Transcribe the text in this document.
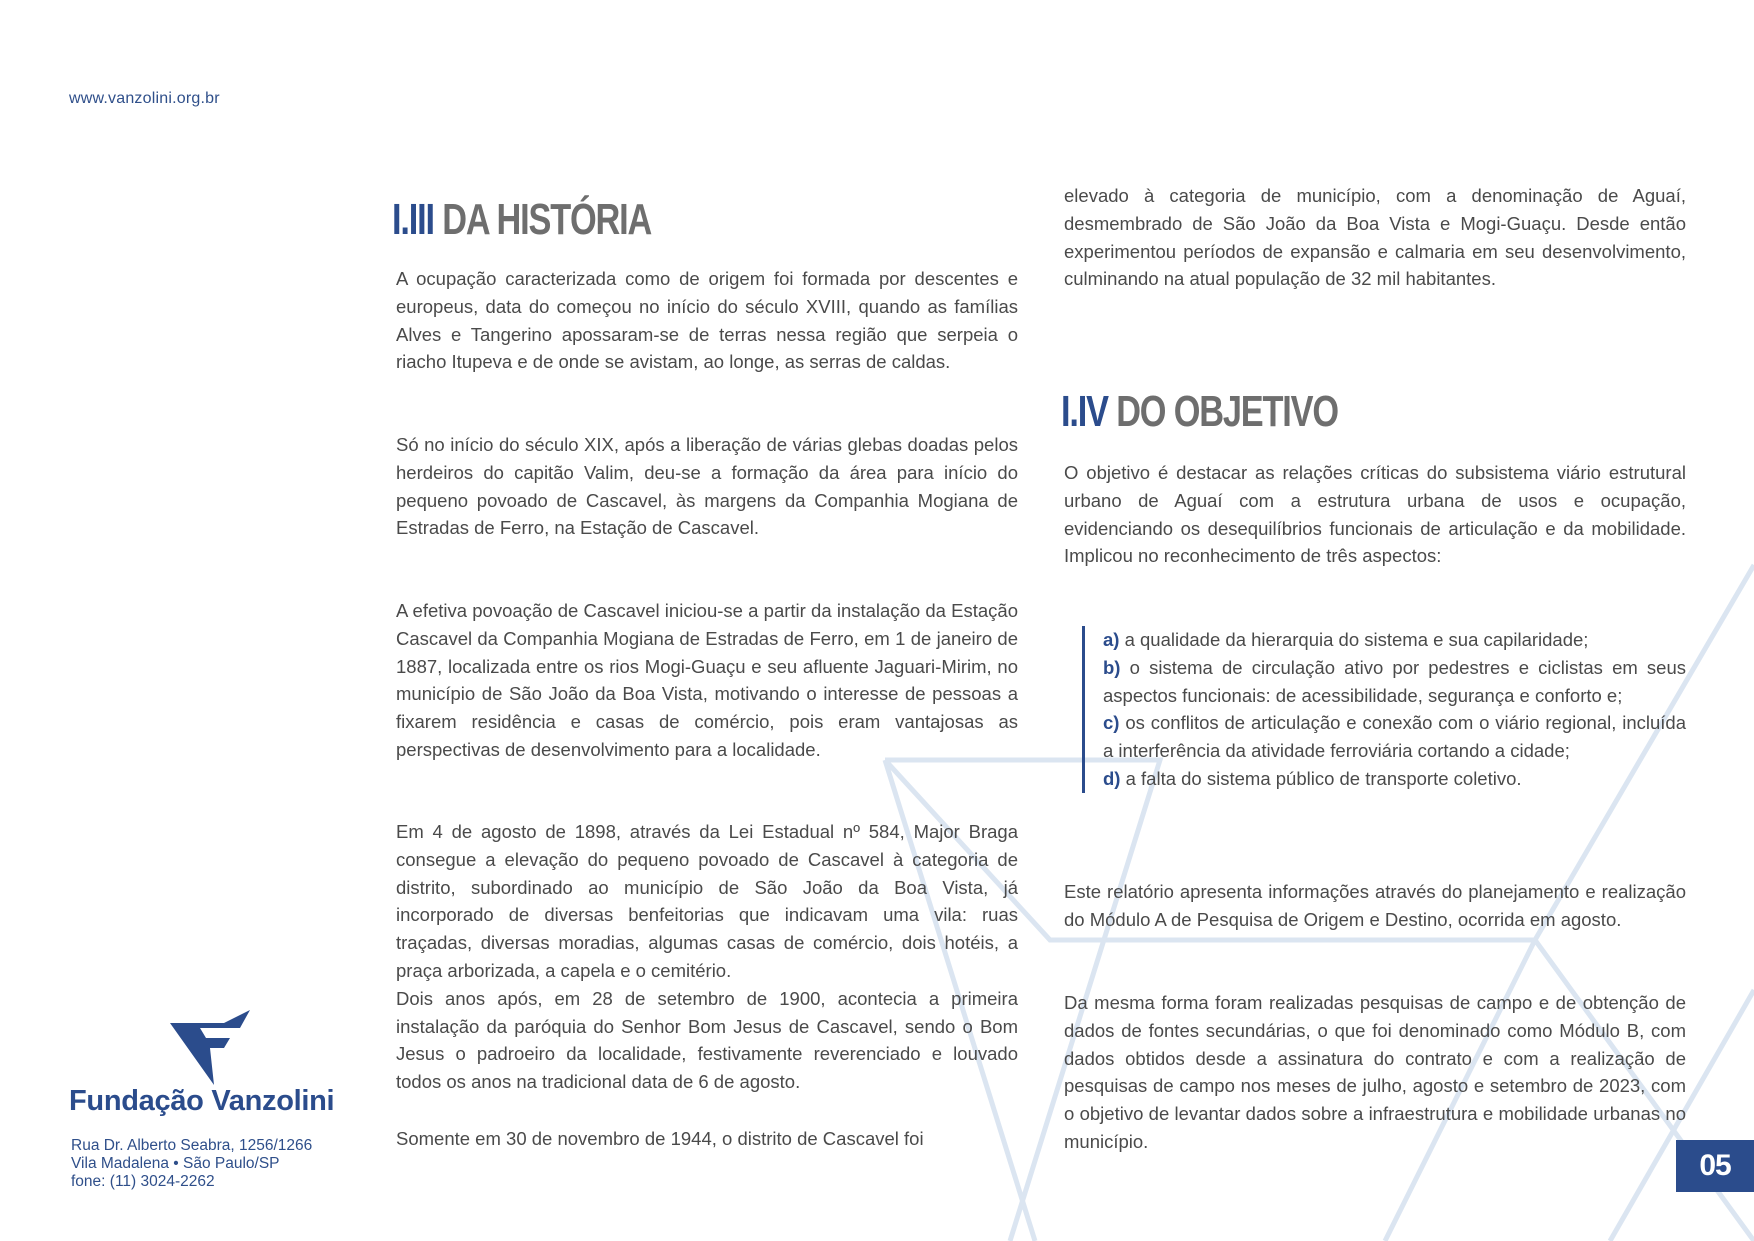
www.vanzolini.org.br
I.III DA HISTÓRIA

A ocupação caracterizada como de origem foi formada por descentes e europeus, data do começou no início do século XVIII, quando as famílias Alves e Tangerino apossaram-se de terras nessa região que serpeia o riacho Itupeva e de onde se avistam, ao longe, as serras de caldas.

Só no início do século XIX, após a liberação de várias glebas doadas pelos herdeiros do capitão Valim, deu-se a formação da área para início do pequeno povoado de Cascavel, às margens da Companhia Mogiana de Estradas de Ferro, na Estação de Cascavel.

A efetiva povoação de Cascavel iniciou-se a partir da instalação da Estação Cascavel da Companhia Mogiana de Estradas de Ferro, em 1 de janeiro de 1887, localizada entre os rios Mogi-Guaçu e seu afluente Jaguari-Mirim, no município de São João da Boa Vista, motivando o interesse de pessoas a fixarem residência e casas de comércio, pois eram vantajosas as perspectivas de desenvolvimento para a localidade.

Em 4 de agosto de 1898, através da Lei Estadual nº 584, Major Braga consegue a elevação do pequeno povoado de Cascavel à categoria de distrito, subordinado ao município de São João da Boa Vista, já incorporado de diversas benfeitorias que indicavam uma vila: ruas traçadas, diversas moradias, algumas casas de comércio, dois hotéis, a praça arborizada, a capela e o cemitério.

Dois anos após, em 28 de setembro de 1900, acontecia a primeira instalação da paróquia do Senhor Bom Jesus de Cascavel, sendo o Bom Jesus o padroeiro da localidade, festivamente reverenciado e louvado todos os anos na tradicional data de 6 de agosto.

Somente em 30 de novembro de 1944, o distrito de Cascavel foi

elevado à categoria de município, com a denominação de Aguaí, desmembrado de São João da Boa Vista e Mogi-Guaçu. Desde então experimentou períodos de expansão e calmaria em seu desenvolvimento, culminando na atual população de 32 mil habitantes.

I.IV DO OBJETIVO

O objetivo é destacar as relações críticas do subsistema viário estrutural urbano de Aguaí com a estrutura urbana de usos e ocupação, evidenciando os desequilíbrios funcionais de articulação e da mobilidade. Implicou no reconhecimento de três aspectos:

a) a qualidade da hierarquia do sistema e sua capilaridade;
b) o sistema de circulação ativo por pedestres e ciclistas em seus aspectos funcionais: de acessibilidade, segurança e conforto e;
c) os conflitos de articulação e conexão com o viário regional, incluída a interferência da atividade ferroviária cortando a cidade;
d) a falta do sistema público de transporte coletivo.

Este relatório apresenta informações através do planejamento e realização do Módulo A de Pesquisa de Origem e Destino, ocorrida em agosto.

Da mesma forma foram realizadas pesquisas de campo e de obtenção de dados de fontes secundárias, o que foi denominado como Módulo B, com dados obtidos desde a assinatura do contrato e com a realização de pesquisas de campo nos meses de julho, agosto e setembro de 2023, com o objetivo de levantar dados sobre a infraestrutura e mobilidade urbanas no município.

Fundação Vanzolini
Rua Dr. Alberto Seabra, 1256/1266
Vila Madalena • São Paulo/SP
fone: (11) 3024-2262	05
